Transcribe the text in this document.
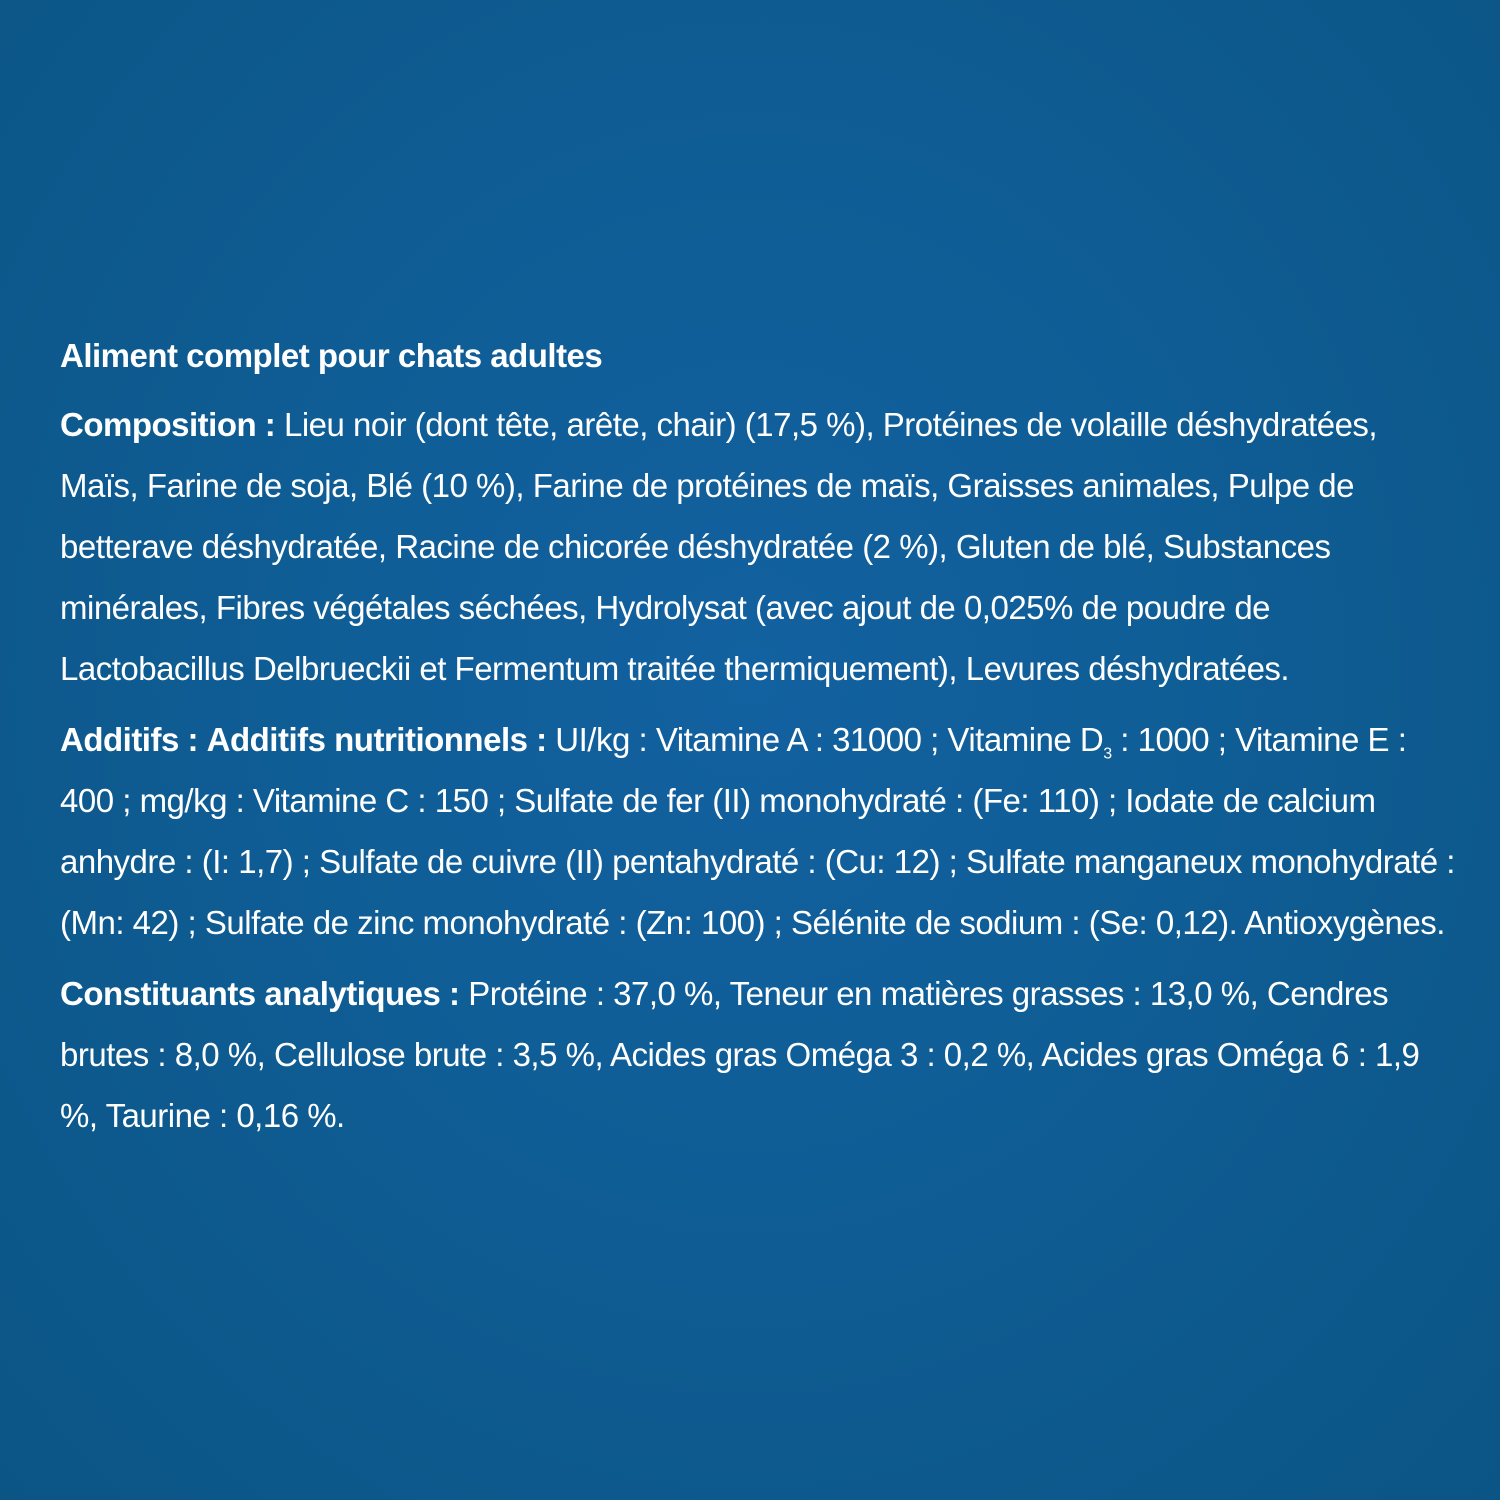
Aliment complet pour chats adultes
Composition : Lieu noir (dont tête, arête, chair) (17,5 %), Protéines de volaille déshydratées, Maïs, Farine de soja, Blé (10 %), Farine de protéines de maïs, Graisses animales, Pulpe de betterave déshydratée, Racine de chicorée déshydratée (2 %), Gluten de blé, Substances minérales, Fibres végétales séchées, Hydrolysat (avec ajout de 0,025% de poudre de Lactobacillus Delbrueckii et Fermentum traitée thermiquement), Levures déshydratées.
Additifs : Additifs nutritionnels : UI/kg : Vitamine A : 31000 ; Vitamine $D_3$ : 1000 ; Vitamine E : 400 ; mg/kg : Vitamine C : 150 ; Sulfate de fer (II) monohydraté : (Fe: 110) ; Iodate de calcium anhydre : (I: 1,7) ; Sulfate de cuivre (II) pentahydraté : (Cu: 12) ; Sulfate manganeux monohydraté : (Mn: 42) ; Sulfate de zinc monohydraté : (Zn: 100) ; Sélénite de sodium : (Se: 0,12). Antioxygènes.
Constituants analytiques : Protéine : 37,0 %, Teneur en matières grasses : 13,0 %, Cendres brutes : 8,0 %, Cellulose brute : 3,5 %, Acides gras Oméga 3 : 0,2 %, Acides gras Oméga 6 : 1,9 %, Taurine : 0,16 %.
